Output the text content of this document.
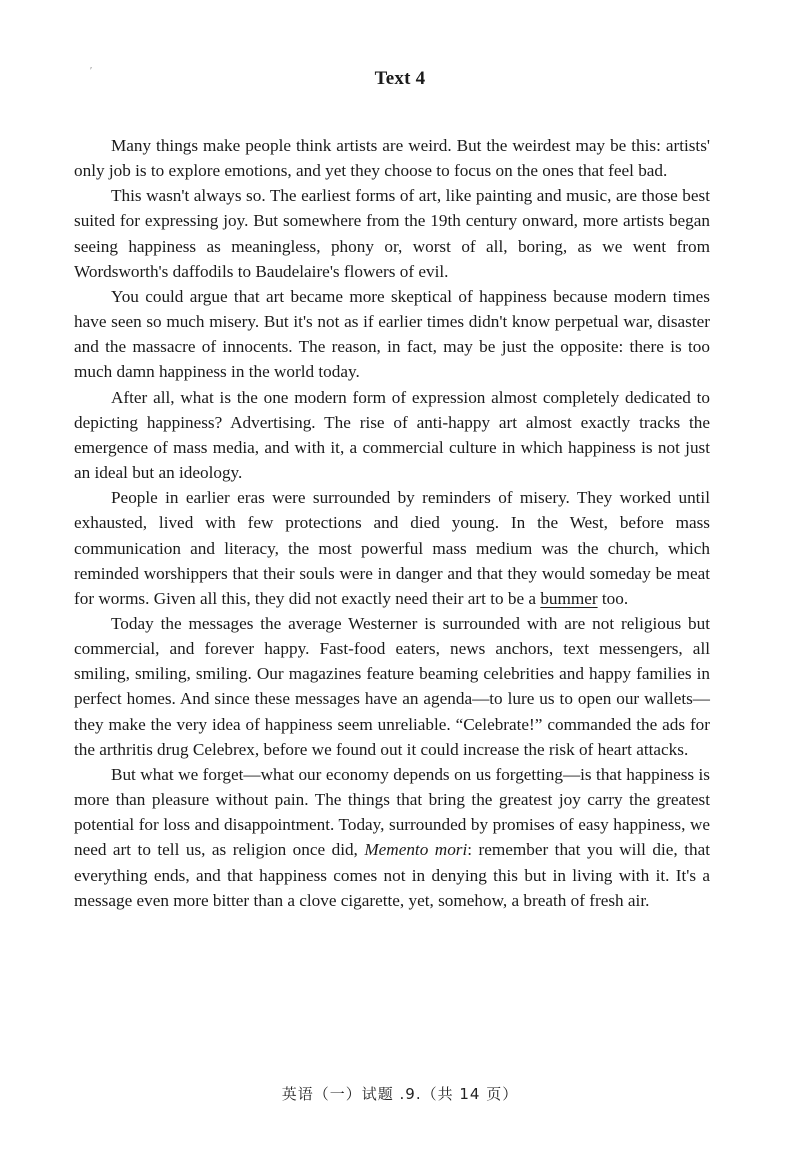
′	Text 4

Many things make people think artists are weird. But the weirdest may be this: artists' only job is to explore emotions, and yet they choose to focus on the ones that feel bad.

This wasn't always so. The earliest forms of art, like painting and music, are those best suited for expressing joy. But somewhere from the 19th century onward, more artists began seeing happiness as meaningless, phony or, worst of all, boring, as we went from Wordsworth's daffodils to Baudelaire's flowers of evil.

You could argue that art became more skeptical of happiness because modern times have seen so much misery. But it's not as if earlier times didn't know perpetual war, disaster and the massacre of innocents. The reason, in fact, may be just the opposite: there is too much damn happiness in the world today.

After all, what is the one modern form of expression almost completely dedicated to depicting happiness? Advertising. The rise of anti-happy art almost exactly tracks the emergence of mass media, and with it, a commercial culture in which happiness is not just an ideal but an ideology.

People in earlier eras were surrounded by reminders of misery. They worked until exhausted, lived with few protections and died young. In the West, before mass communication and literacy, the most powerful mass medium was the church, which reminded worshippers that their souls were in danger and that they would someday be meat for worms. Given all this, they did not exactly need their art to be a bummer too.

Today the messages the average Westerner is surrounded with are not religious but commercial, and forever happy. Fast-food eaters, news anchors, text messengers, all smiling, smiling, smiling. Our magazines feature beaming celebrities and happy families in perfect homes. And since these messages have an agenda—to lure us to open our wallets—they make the very idea of happiness seem unreliable. “Celebrate!” commanded the ads for the arthritis drug Celebrex, before we found out it could increase the risk of heart attacks.

But what we forget—what our economy depends on us forgetting—is that happiness is more than pleasure without pain. The things that bring the greatest joy carry the greatest potential for loss and disappointment. Today, surrounded by promises of easy happiness, we need art to tell us, as religion once did, Memento mori: remember that you will die, that everything ends, and that happiness comes not in denying this but in living with it. It's a message even more bitter than a clove cigarette, yet, somehow, a breath of fresh air.

英语（一）试题 .9.（共 14 页）
